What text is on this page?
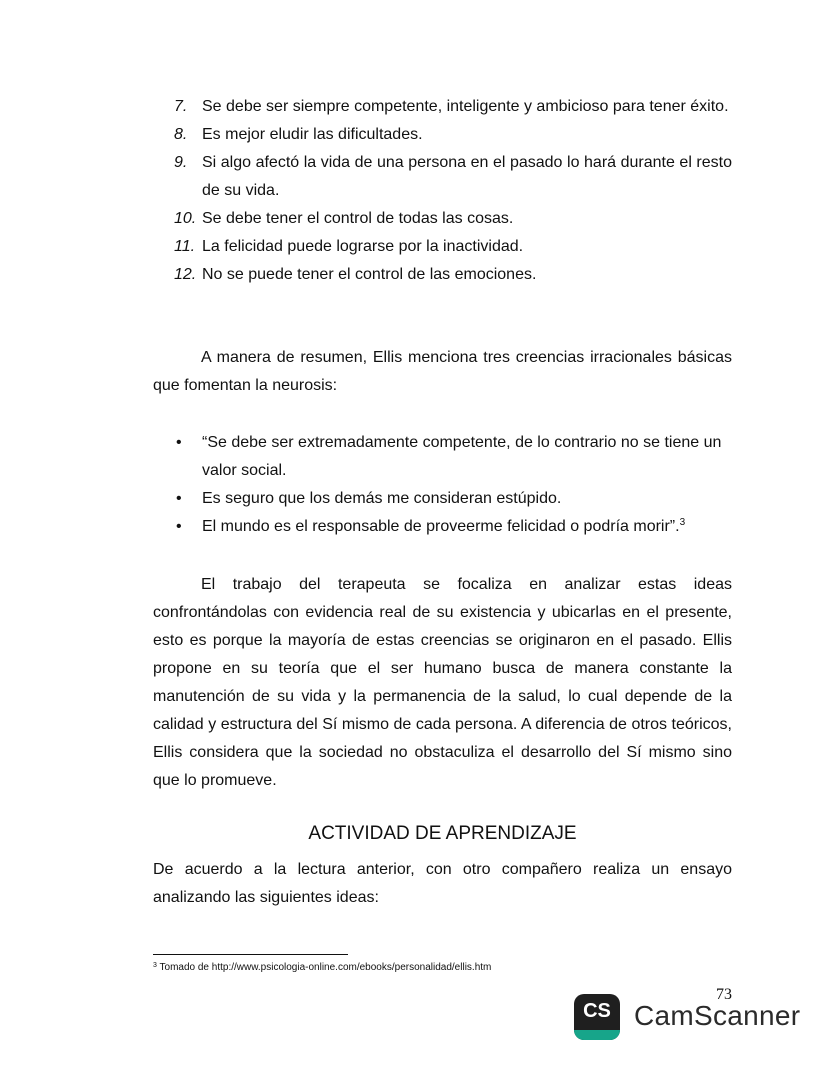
7. Se debe ser siempre competente, inteligente y ambicioso para tener éxito.
8. Es mejor eludir las dificultades.
9. Si algo afectó la vida de una persona en el pasado lo hará durante el resto de su vida.
10. Se debe tener el control de todas las cosas.
11. La felicidad puede lograrse por la inactividad.
12. No se puede tener el control de las emociones.

A manera de resumen, Ellis menciona tres creencias irracionales básicas que fomentan la neurosis:

• “Se debe ser extremadamente competente, de lo contrario no se tiene un valor social.
• Es seguro que los demás me consideran estúpido.
• El mundo es el responsable de proveerme felicidad o podría morir”.$^3$

El trabajo del terapeuta se focaliza en analizar estas ideas confrontándolas con evidencia real de su existencia y ubicarlas en el presente, esto es porque la mayoría de estas creencias se originaron en el pasado. Ellis propone en su teoría que el ser humano busca de manera constante la manutención de su vida y la permanencia de la salud, lo cual depende de la calidad y estructura del Sí mismo de cada persona. A diferencia de otros teóricos, Ellis considera que la sociedad no obstaculiza el desarrollo del Sí mismo sino que lo promueve.

ACTIVIDAD DE APRENDIZAJE

De acuerdo a la lectura anterior, con otro compañero realiza un ensayo analizando las siguientes ideas:

$^3$ Tomado de http://www.psicologia-online.com/ebooks/personalidad/ellis.htm
73
CS CamScanner
